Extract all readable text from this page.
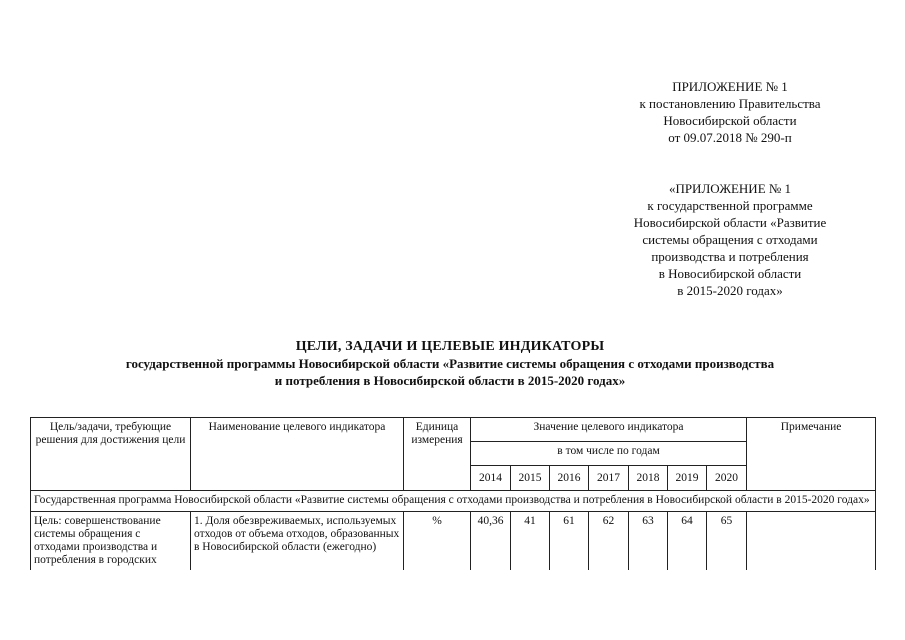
ПРИЛОЖЕНИЕ № 1
к постановлению Правительства
Новосибирской области
от 09.07.2018 № 290-п
«ПРИЛОЖЕНИЕ № 1
к государственной программе
Новосибирской области «Развитие
системы обращения с отходами
производства и потребления
в Новосибирской области
в 2015-2020 годах»
ЦЕЛИ, ЗАДАЧИ И ЦЕЛЕВЫЕ ИНДИКАТОРЫ
государственной программы Новосибирской области «Развитие системы обращения с отходами производства
и потребления в Новосибирской области в 2015-2020 годах»
Цель/задачи, требующие решения для достижения цели	Наименование целевого индикатора	Единица измерения	Значение целевого индикатора							Примечание
			в том числе по годам							
			2014	2015	2016	2017	2018	2019	2020	
Государственная программа Новосибирской области «Развитие системы обращения с отходами производства и потребления в Новосибирской области в 2015-2020 годах»										
Цель: совершенствование системы обращения с отходами производства и потребления в городских	1. Доля обезвреживаемых, используемых отходов от объема отходов, образованных в Новосибирской области (ежегодно)	%	40,36	41	61	62	63	64	65	
